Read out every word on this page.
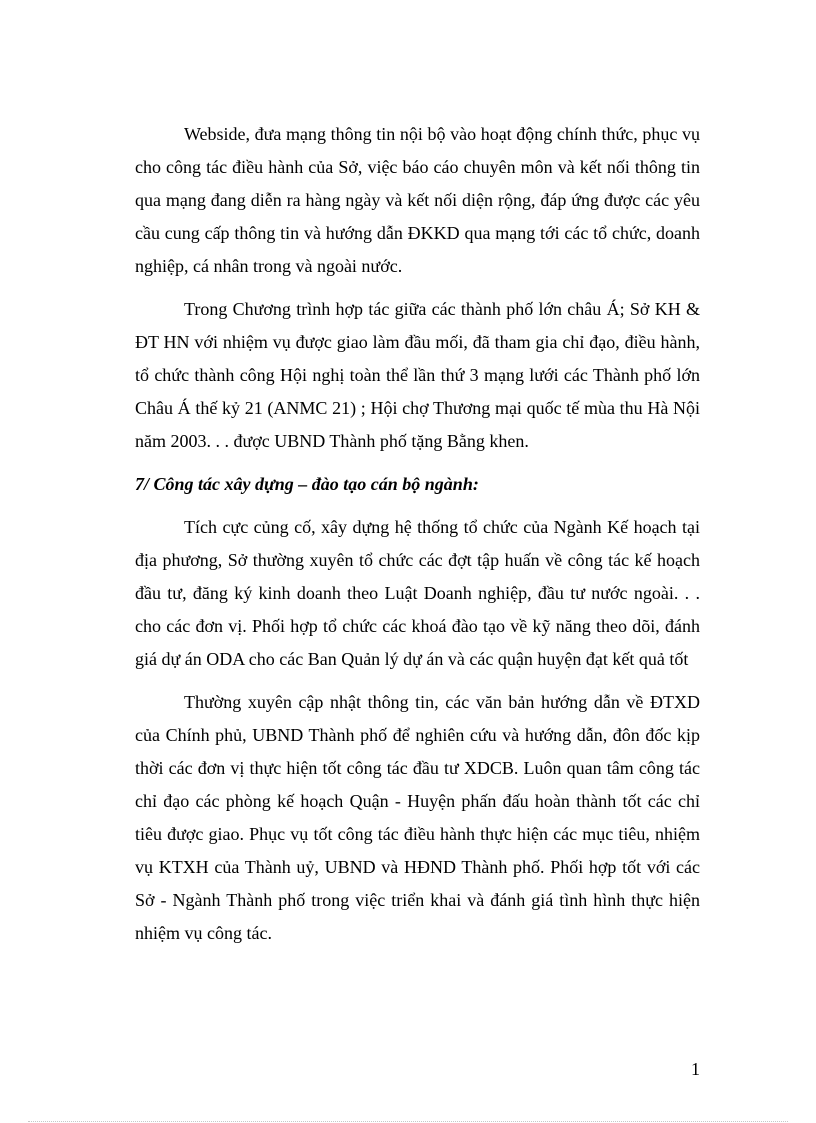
Webside, đưa mạng thông tin nội bộ vào hoạt động chính thức, phục vụ cho công tác điều hành của Sở, việc báo cáo chuyên môn và kết nối thông tin qua mạng đang diễn ra hàng ngày và kết nối diện rộng, đáp ứng được các yêu cầu cung cấp thông tin và hướng dẫn ĐKKD qua mạng tới các tổ chức, doanh nghiệp, cá nhân trong và ngoài nước.

Trong Chương trình hợp tác giữa các thành phố lớn châu Á; Sở KH & ĐT HN với nhiệm vụ được giao làm đầu mối, đã tham gia chỉ đạo, điều hành, tổ chức thành công Hội nghị toàn thể lần thứ 3 mạng lưới các Thành phố lớn Châu Á thế kỷ 21 (ANMC 21) ; Hội chợ Thương mại quốc tế mùa thu Hà Nội năm 2003. . . được UBND Thành phố tặng Bằng khen.

7/ Công tác xây dựng – đào tạo cán bộ ngành:

Tích cực củng cố, xây dựng hệ thống tổ chức của Ngành Kế hoạch tại địa phương, Sở thường xuyên tổ chức các đợt tập huấn về công tác kế hoạch đầu tư, đăng ký kinh doanh theo Luật Doanh nghiệp, đầu tư nước ngoài. . . cho các đơn vị. Phối hợp tổ chức các khoá đào tạo về kỹ năng theo dõi, đánh giá dự án ODA cho các Ban Quản lý dự án và các quận huyện đạt kết quả tốt

Thường xuyên cập nhật thông tin, các văn bản hướng dẫn về ĐTXD của Chính phủ, UBND Thành phố để nghiên cứu và hướng dẫn, đôn đốc kịp thời các đơn vị thực hiện tốt công tác đầu tư XDCB. Luôn quan tâm công tác chỉ đạo các phòng kế hoạch Quận - Huyện phấn đấu hoàn thành tốt các chỉ tiêu được giao. Phục vụ tốt công tác điều hành thực hiện các mục tiêu, nhiệm vụ KTXH của Thành uỷ, UBND và HĐND Thành phố. Phối hợp tốt với các Sở - Ngành Thành phố trong việc triển khai và đánh giá tình hình thực hiện nhiệm vụ công tác.

1
